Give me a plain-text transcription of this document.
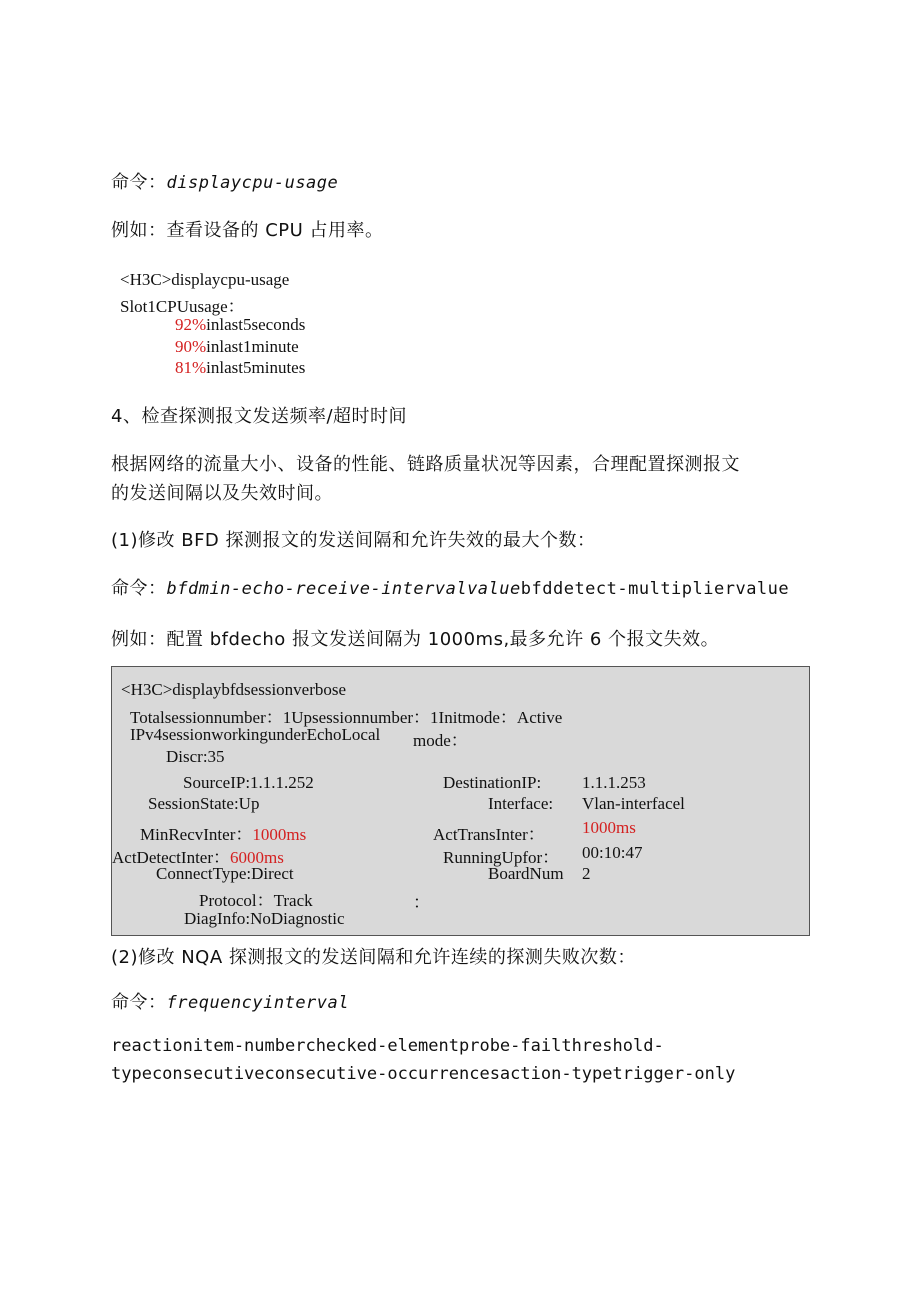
命令：displaycpu-usage
例如：查看设备的 CPU 占用率。
<H3C>displaycpu-usage
Slot1CPUusage：
92%inlast5seconds
90%inlast1minute
81%inlast5minutes
4、检查探测报文发送频率/超时时间
根据网络的流量大小、设备的性能、链路质量状况等因素，合理配置探测报文
的发送间隔以及失效时间。
(1)修改 BFD 探测报文的发送间隔和允许失效的最大个数：
命令：bfdmin-echo-receive-intervalvaluebfddetect-multipliervalue
例如：配置 bfdecho 报文发送间隔为 1000ms,最多允许 6 个报文失效。
<H3C>displaybfdsessionverbose
Totalsessionnumber：1Upsessionnumber：1Initmode：Active
IPv4sessionworkingunderEchoLocal mode：
Discr:35
SourceIP:1.1.1.252	DestinationIP: 1.1.1.253
SessionState:Up	Interface: Vlan-interfacel
MinRecvInter：1000ms	ActTransInter： 1000ms
ActDetectInter：6000ms	RunningUpfor： 00:10:47
ConnectType:Direct	BoardNum 2
Protocol：Track	：
DiagInfo:NoDiagnostic
(2)修改 NQA 探测报文的发送间隔和允许连续的探测失败次数：
命令：frequencyinterval
reactionitem-numberchecked-elementprobe-failthreshold-
typeconsecutiveconsecutive-occurrencesaction-typetrigger-only
